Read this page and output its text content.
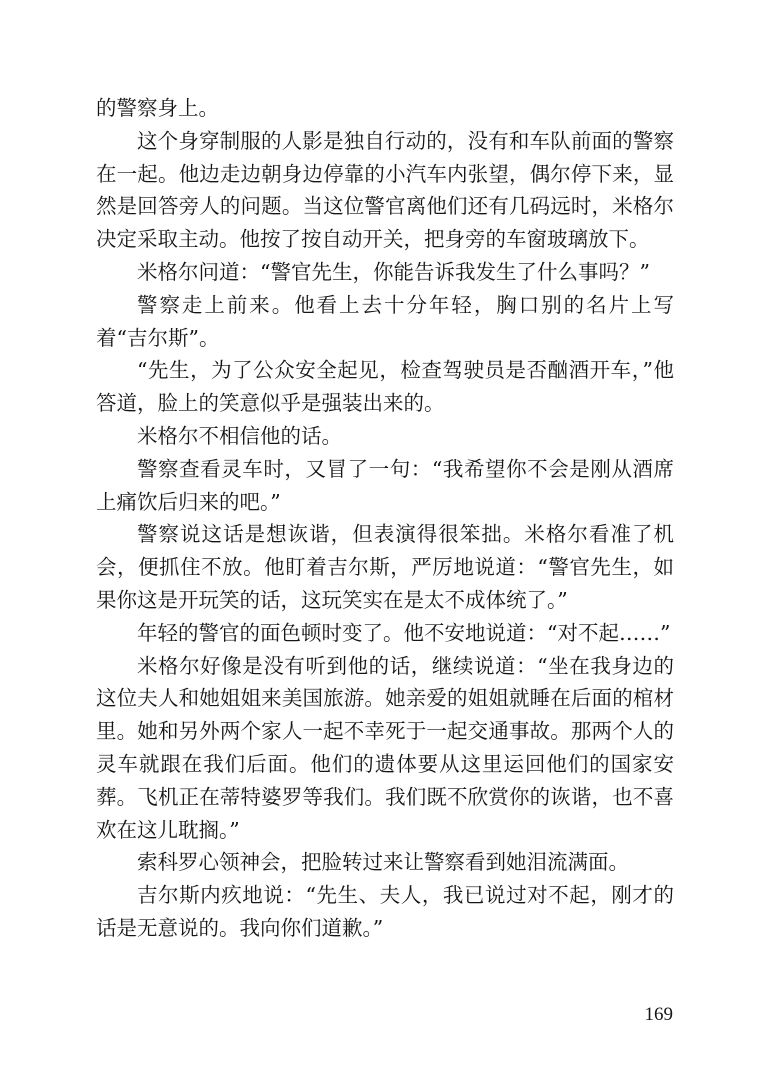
的警察身上。

这个身穿制服的人影是独自行动的，没有和车队前面的警察在一起。他边走边朝身边停靠的小汽车内张望，偶尔停下来，显然是回答旁人的问题。当这位警官离他们还有几码远时，米格尔决定采取主动。他按了按自动开关，把身旁的车窗玻璃放下。

米格尔问道：“警官先生，你能告诉我发生了什么事吗？”

警察走上前来。他看上去十分年轻，胸口别的名片上写着“吉尔斯”。

“先生，为了公众安全起见，检查驾驶员是否酗酒开车，”他答道，脸上的笑意似乎是强装出来的。

米格尔不相信他的话。

警察查看灵车时，又冒了一句：“我希望你不会是刚从酒席上痛饮后归来的吧。”

警察说这话是想诙谐，但表演得很笨拙。米格尔看准了机会，便抓住不放。他盯着吉尔斯，严厉地说道：“警官先生，如果你这是开玩笑的话，这玩笑实在是太不成体统了。”

年轻的警官的面色顿时变了。他不安地说道：“对不起……”

米格尔好像是没有听到他的话，继续说道：“坐在我身边的这位夫人和她姐姐来美国旅游。她亲爱的姐姐就睡在后面的棺材里。她和另外两个家人一起不幸死于一起交通事故。那两个人的灵车就跟在我们后面。他们的遗体要从这里运回他们的国家安葬。飞机正在蒂特婆罗等我们。我们既不欣赏你的诙谐，也不喜欢在这儿耽搁。”

索科罗心领神会，把脸转过来让警察看到她泪流满面。

吉尔斯内疚地说：“先生、夫人，我已说过对不起，刚才的话是无意说的。我向你们道歉。”

169
